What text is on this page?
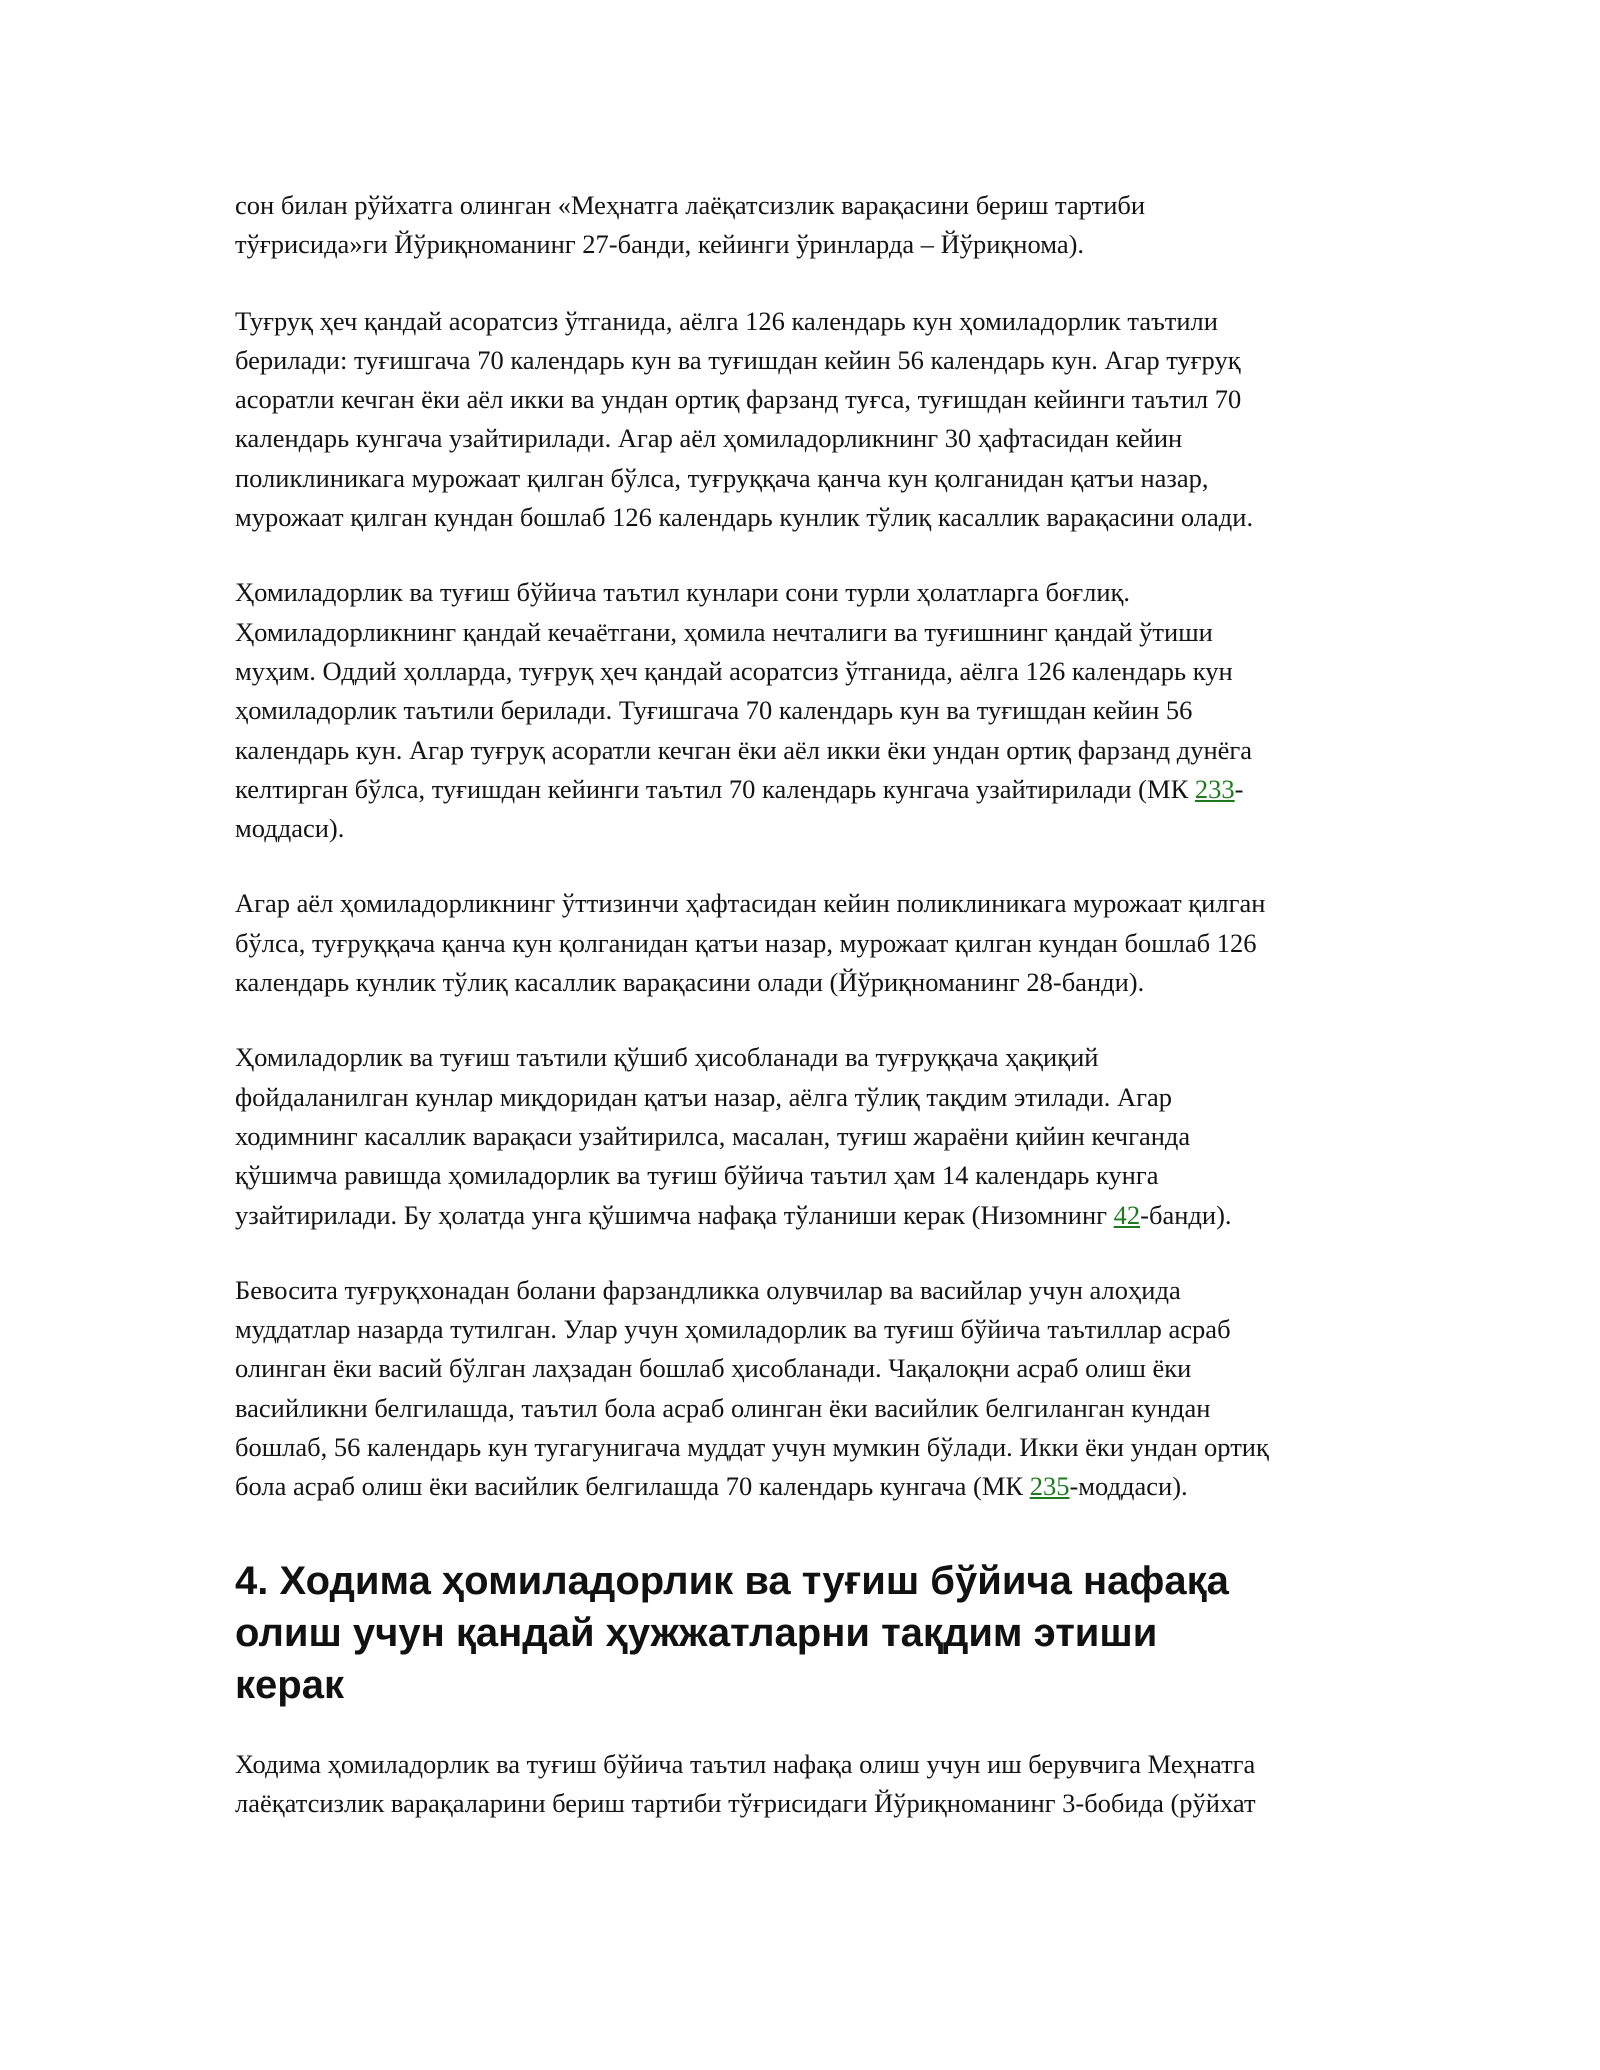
сон билан рўйхатга олинган «Меҳнатга лаёқатсизлик варақасини бериш тартиби
тўғрисида»ги Йўриқноманинг 27-банди, кейинги ўринларда – Йўриқнома).
Туғруқ ҳеч қандай асоратсиз ўтганида, аёлга 126 календарь кун ҳомиладорлик таътили
берилади: туғишгача 70 календарь кун ва туғишдан кейин 56 календарь кун. Агар туғруқ
асоратли кечган ёки аёл икки ва ундан ортиқ фарзанд туғса, туғишдан кейинги таътил 70
календарь кунгача узайтирилади. Агар аёл ҳомиладорликнинг 30 ҳафтасидан кейин
поликлиникага мурожаат қилган бўлса, туғруққача қанча кун қолганидан қатъи назар,
мурожаат қилган кундан бошлаб 126 календарь кунлик тўлиқ касаллик варақасини олади.
Ҳомиладорлик ва туғиш бўйича таътил кунлари сони турли ҳолатларга боғлиқ.
Ҳомиладорликнинг қандай кечаётгани, ҳомила нечталиги ва туғишнинг қандай ўтиши
муҳим. Оддий ҳолларда, туғруқ ҳеч қандай асоратсиз ўтганида, аёлга 126 календарь кун
ҳомиладорлик таътили берилади. Туғишгача 70 календарь кун ва туғишдан кейин 56
календарь кун. Агар туғруқ асоратли кечган ёки аёл икки ёки ундан ортиқ фарзанд дунёга
келтирган бўлса, туғишдан кейинги таътил 70 календарь кунгача узайтирилади (МК 233-
моддаси).
Агар аёл ҳомиладорликнинг ўттизинчи ҳафтасидан кейин поликлиникага мурожаат қилган
бўлса, туғруққача қанча кун қолганидан қатъи назар, мурожаат қилган кундан бошлаб 126
календарь кунлик тўлиқ касаллик варақасини олади (Йўриқноманинг 28-банди).
Ҳомиладорлик ва туғиш таътили қўшиб ҳисобланади ва туғруққача ҳақиқий
фойдаланилган кунлар миқдоридан қатъи назар, аёлга тўлиқ тақдим этилади. Агар
ходимнинг касаллик варақаси узайтирилса, масалан, туғиш жараёни қийин кечганда
қўшимча равишда ҳомиладорлик ва туғиш бўйича таътил ҳам 14 календарь кунга
узайтирилади. Бу ҳолатда унга қўшимча нафақа тўланиши керак (Низомнинг 42-банди).
Бевосита туғруқхонадан болани фарзандликка олувчилар ва васийлар учун алоҳида
муддатлар назарда тутилган. Улар учун ҳомиладорлик ва туғиш бўйича таътиллар асраб
олинган ёки васий бўлган лаҳзадан бошлаб ҳисобланади. Чақалоқни асраб олиш ёки
васийликни белгилашда, таътил бола асраб олинган ёки васийлик белгиланган кундан
бошлаб, 56 календарь кун тугагунигача муддат учун мумкин бўлади. Икки ёки ундан ортиқ
бола асраб олиш ёки васийлик белгилашда 70 календарь кунгача (МК 235-моддаси).
4. Ходима ҳомиладорлик ва туғиш бўйича нафақа
олиш учун қандай ҳужжатларни тақдим этиши
керак
Ходима ҳомиладорлик ва туғиш бўйича таътил нафақа олиш учун иш берувчига Меҳнатга
лаёқатсизлик варақаларини бериш тартиби тўғрисидаги Йўриқноманинг 3-бобида (рўйхат
